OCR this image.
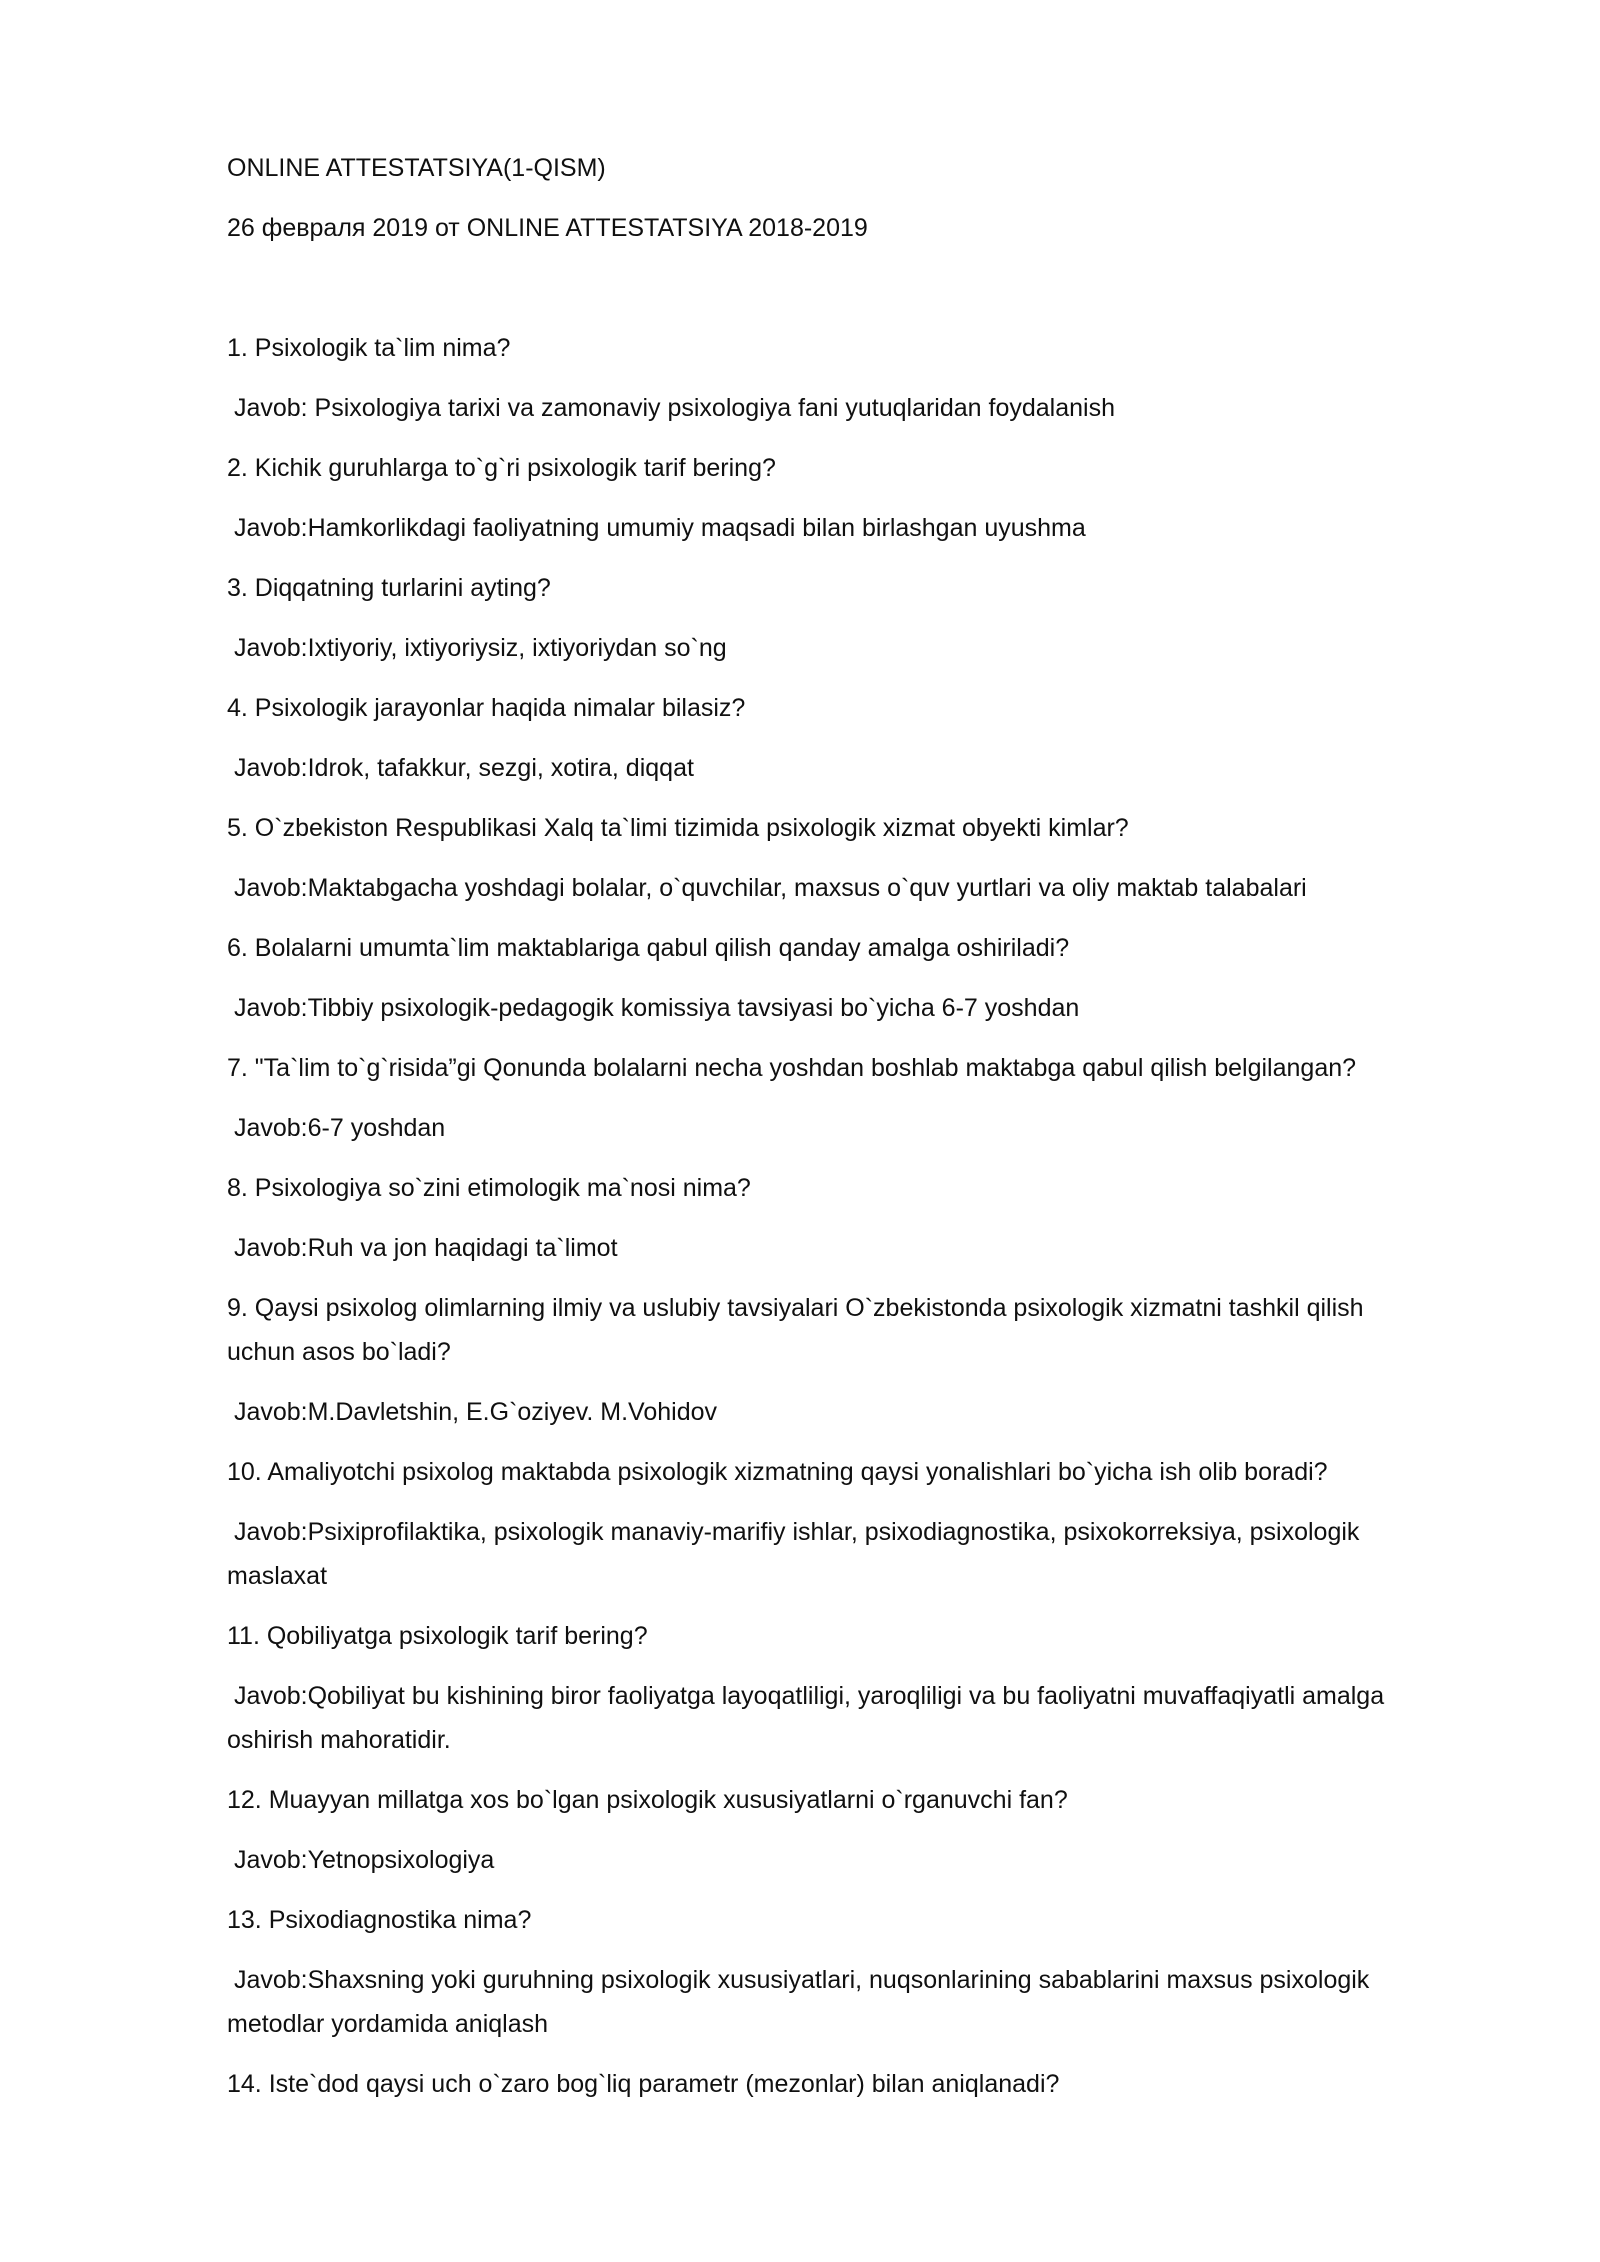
ONLINE ATTESTATSIYA(1-QISM)

26 февраля 2019 от ONLINE ATTESTATSIYA 2018-2019

1. Psixologik ta`lim nima?

Javob: Psixologiya tarixi va zamonaviy psixologiya fani yutuqlaridan foydalanish

2. Kichik guruhlarga to`g`ri psixologik tarif bering?

Javob:Hamkorlikdagi faoliyatning umumiy maqsadi bilan birlashgan uyushma

3. Diqqatning turlarini ayting?

Javob:Ixtiyoriy, ixtiyoriysiz, ixtiyoriydan so`ng

4. Psixologik jarayonlar haqida nimalar bilasiz?

Javob:Idrok, tafakkur, sezgi, xotira, diqqat

5. O`zbekiston Respublikasi Xalq ta`limi tizimida psixologik xizmat obyekti kimlar?

Javob:Maktabgacha yoshdagi bolalar, o`quvchilar, maxsus o`quv yurtlari va oliy maktab talabalari

6. Bolalarni umumta`lim maktablariga qabul qilish qanday amalga oshiriladi?

Javob:Tibbiy psixologik-pedagogik komissiya tavsiyasi bo`yicha 6-7 yoshdan

7. "Ta`lim to`g`risida”gi Qonunda bolalarni necha yoshdan boshlab maktabga qabul qilish belgilangan?

Javob:6-7 yoshdan

8. Psixologiya so`zini etimologik ma`nosi nima?

Javob:Ruh va jon haqidagi ta`limot

9. Qaysi psixolog olimlarning ilmiy va uslubiy tavsiyalari O`zbekistonda psixologik xizmatni tashkil qilish uchun asos bo`ladi?

Javob:M.Davletshin, E.G`oziyev. M.Vohidov

10. Amaliyotchi psixolog maktabda psixologik xizmatning qaysi yonalishlari bo`yicha ish olib boradi?

Javob:Psixiprofilaktika, psixologik manaviy-marifiy ishlar, psixodiagnostika, psixokorreksiya, psixologik maslaxat

11. Qobiliyatga psixologik tarif bering?

Javob:Qobiliyat bu kishining biror faoliyatga layoqatliligi, yaroqliligi va bu faoliyatni muvaffaqiyatli amalga oshirish mahoratidir.

12. Muayyan millatga xos bo`lgan psixologik xususiyatlarni o`rganuvchi fan?

Javob:Yetnopsixologiya

13. Psixodiagnostika nima?

Javob:Shaxsning yoki guruhning psixologik xususiyatlari, nuqsonlarining sabablarini maxsus psixologik metodlar yordamida aniqlash

14. Iste`dod qaysi uch o`zaro bog`liq parametr (mezonlar) bilan aniqlanadi?
